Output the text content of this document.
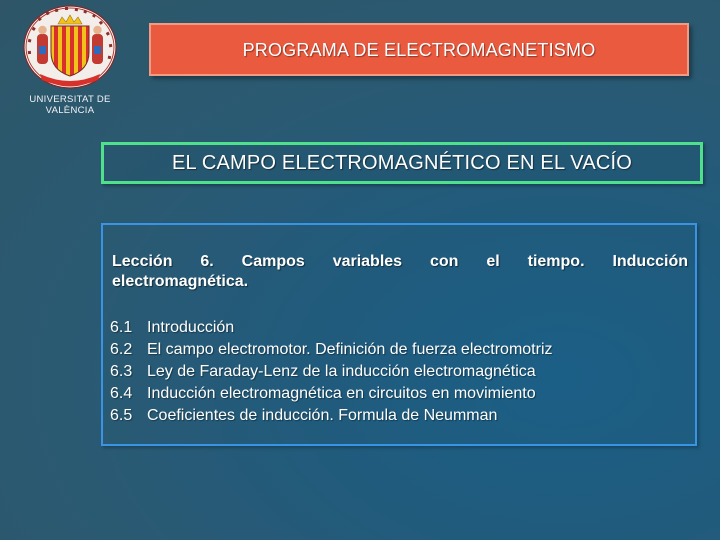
UNIVERSITAT DE
VALÈNCIA
PROGRAMA DE ELECTROMAGNETISMO
EL CAMPO ELECTROMAGNÉTICO EN EL VACÍO
Lección 6. Campos variables con el tiempo. Inducción
electromagnética.
6.1 Introducción
6.2 El campo electromotor. Definición de fuerza electromotriz
6.3 Ley de Faraday-Lenz de la inducción electromagnética
6.4 Inducción electromagnética en circuitos en movimiento
6.5 Coeficientes de inducción. Formula de Neumman
